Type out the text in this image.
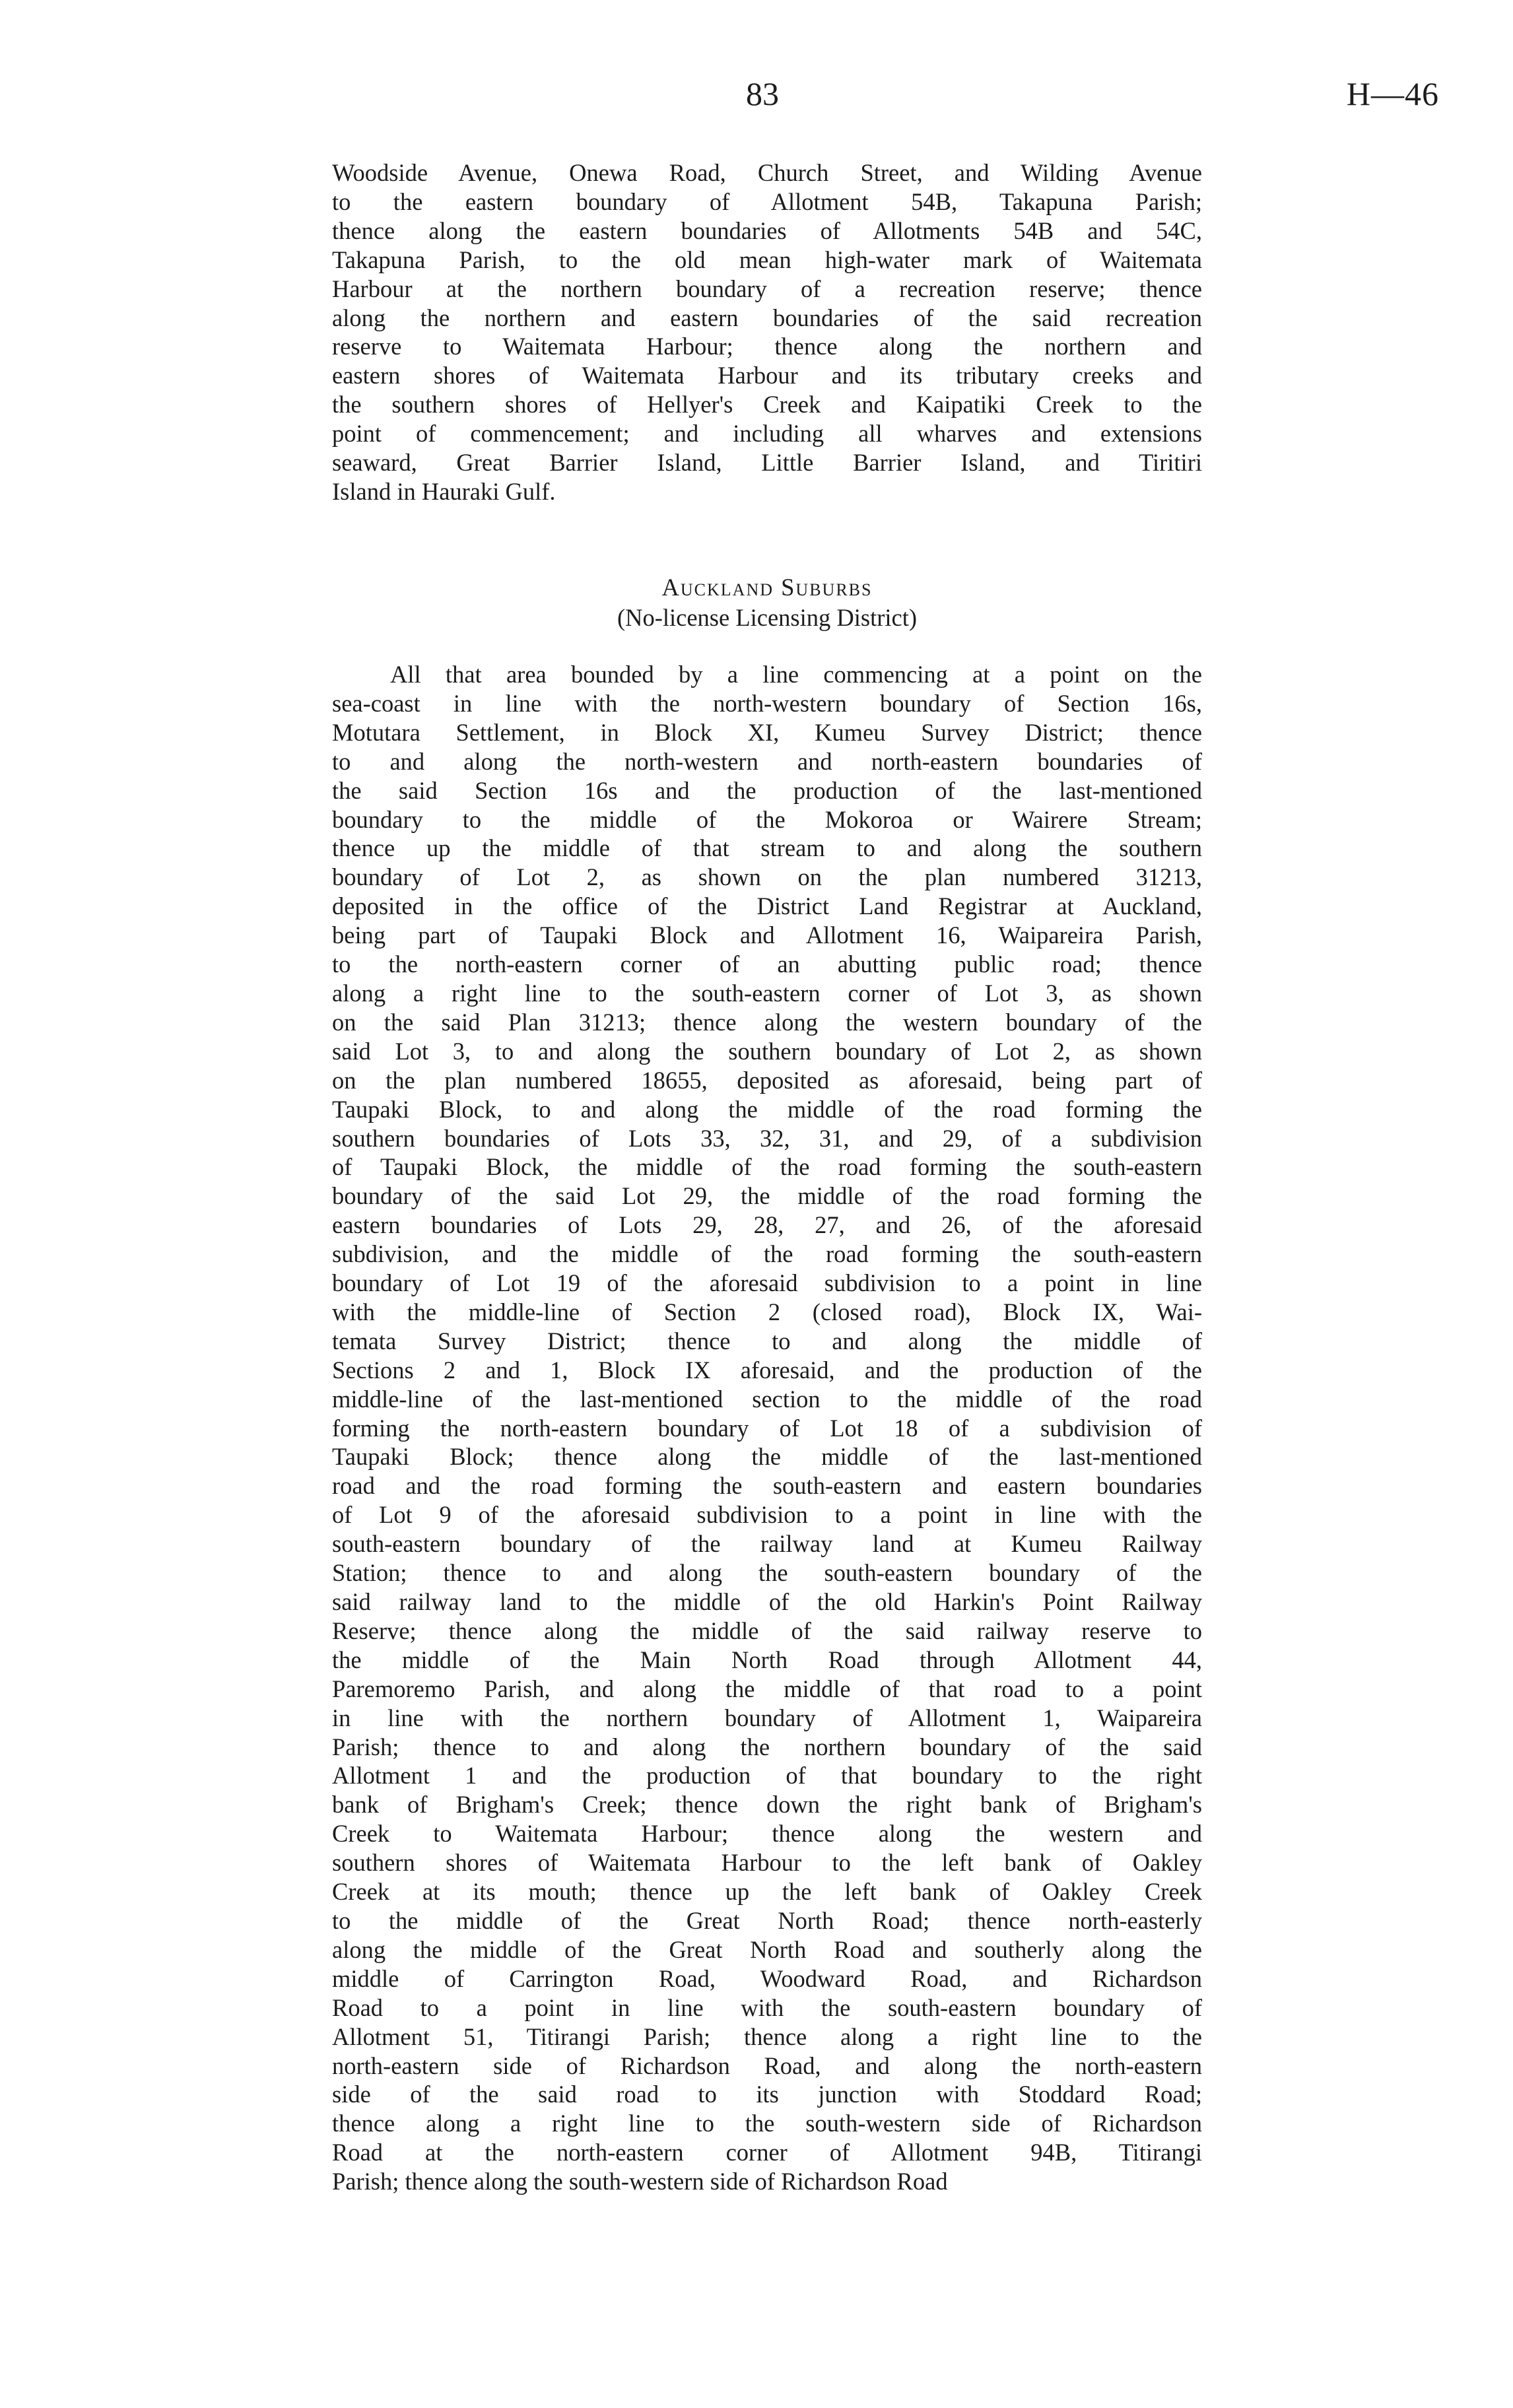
83	H—46
Woodside Avenue, Onewa Road, Church Street, and Wilding Avenue
to the eastern boundary of Allotment 54B, Takapuna Parish;
thence along the eastern boundaries of Allotments 54B and 54C,
Takapuna Parish, to the old mean high-water mark of Waitemata
Harbour at the northern boundary of a recreation reserve; thence
along the northern and eastern boundaries of the said recreation
reserve to Waitemata Harbour; thence along the northern and
eastern shores of Waitemata Harbour and its tributary creeks and
the southern shores of Hellyer's Creek and Kaipatiki Creek to the
point of commencement; and including all wharves and extensions
seaward, Great Barrier Island, Little Barrier Island, and Tiritiri
Island in Hauraki Gulf.
Auckland Suburbs
(No-license Licensing District)
All that area bounded by a line commencing at a point on the
sea-coast in line with the north-western boundary of Section 16s,
Motutara Settlement, in Block XI, Kumeu Survey District; thence
to and along the north-western and north-eastern boundaries of
the said Section 16s and the production of the last-mentioned
boundary to the middle of the Mokoroa or Wairere Stream;
thence up the middle of that stream to and along the southern
boundary of Lot 2, as shown on the plan numbered 31213,
deposited in the office of the District Land Registrar at Auckland,
being part of Taupaki Block and Allotment 16, Waipareira Parish,
to the north-eastern corner of an abutting public road; thence
along a right line to the south-eastern corner of Lot 3, as shown
on the said Plan 31213; thence along the western boundary of the
said Lot 3, to and along the southern boundary of Lot 2, as shown
on the plan numbered 18655, deposited as aforesaid, being part of
Taupaki Block, to and along the middle of the road forming the
southern boundaries of Lots 33, 32, 31, and 29, of a subdivision
of Taupaki Block, the middle of the road forming the south-eastern
boundary of the said Lot 29, the middle of the road forming the
eastern boundaries of Lots 29, 28, 27, and 26, of the aforesaid
subdivision, and the middle of the road forming the south-eastern
boundary of Lot 19 of the aforesaid subdivision to a point in line
with the middle-line of Section 2 (closed road), Block IX, Wai-
temata Survey District; thence to and along the middle of
Sections 2 and 1, Block IX aforesaid, and the production of the
middle-line of the last-mentioned section to the middle of the road
forming the north-eastern boundary of Lot 18 of a subdivision of
Taupaki Block; thence along the middle of the last-mentioned
road and the road forming the south-eastern and eastern boundaries
of Lot 9 of the aforesaid subdivision to a point in line with the
south-eastern boundary of the railway land at Kumeu Railway
Station; thence to and along the south-eastern boundary of the
said railway land to the middle of the old Harkin's Point Railway
Reserve; thence along the middle of the said railway reserve to
the middle of the Main North Road through Allotment 44,
Paremoremo Parish, and along the middle of that road to a point
in line with the northern boundary of Allotment 1, Waipareira
Parish; thence to and along the northern boundary of the said
Allotment 1 and the production of that boundary to the right
bank of Brigham's Creek; thence down the right bank of Brigham's
Creek to Waitemata Harbour; thence along the western and
southern shores of Waitemata Harbour to the left bank of Oakley
Creek at its mouth; thence up the left bank of Oakley Creek
to the middle of the Great North Road; thence north-easterly
along the middle of the Great North Road and southerly along the
middle of Carrington Road, Woodward Road, and Richardson
Road to a point in line with the south-eastern boundary of
Allotment 51, Titirangi Parish; thence along a right line to the
north-eastern side of Richardson Road, and along the north-eastern
side of the said road to its junction with Stoddard Road;
thence along a right line to the south-western side of Richardson
Road at the north-eastern corner of Allotment 94B, Titirangi
Parish; thence along the south-western side of Richardson Road
